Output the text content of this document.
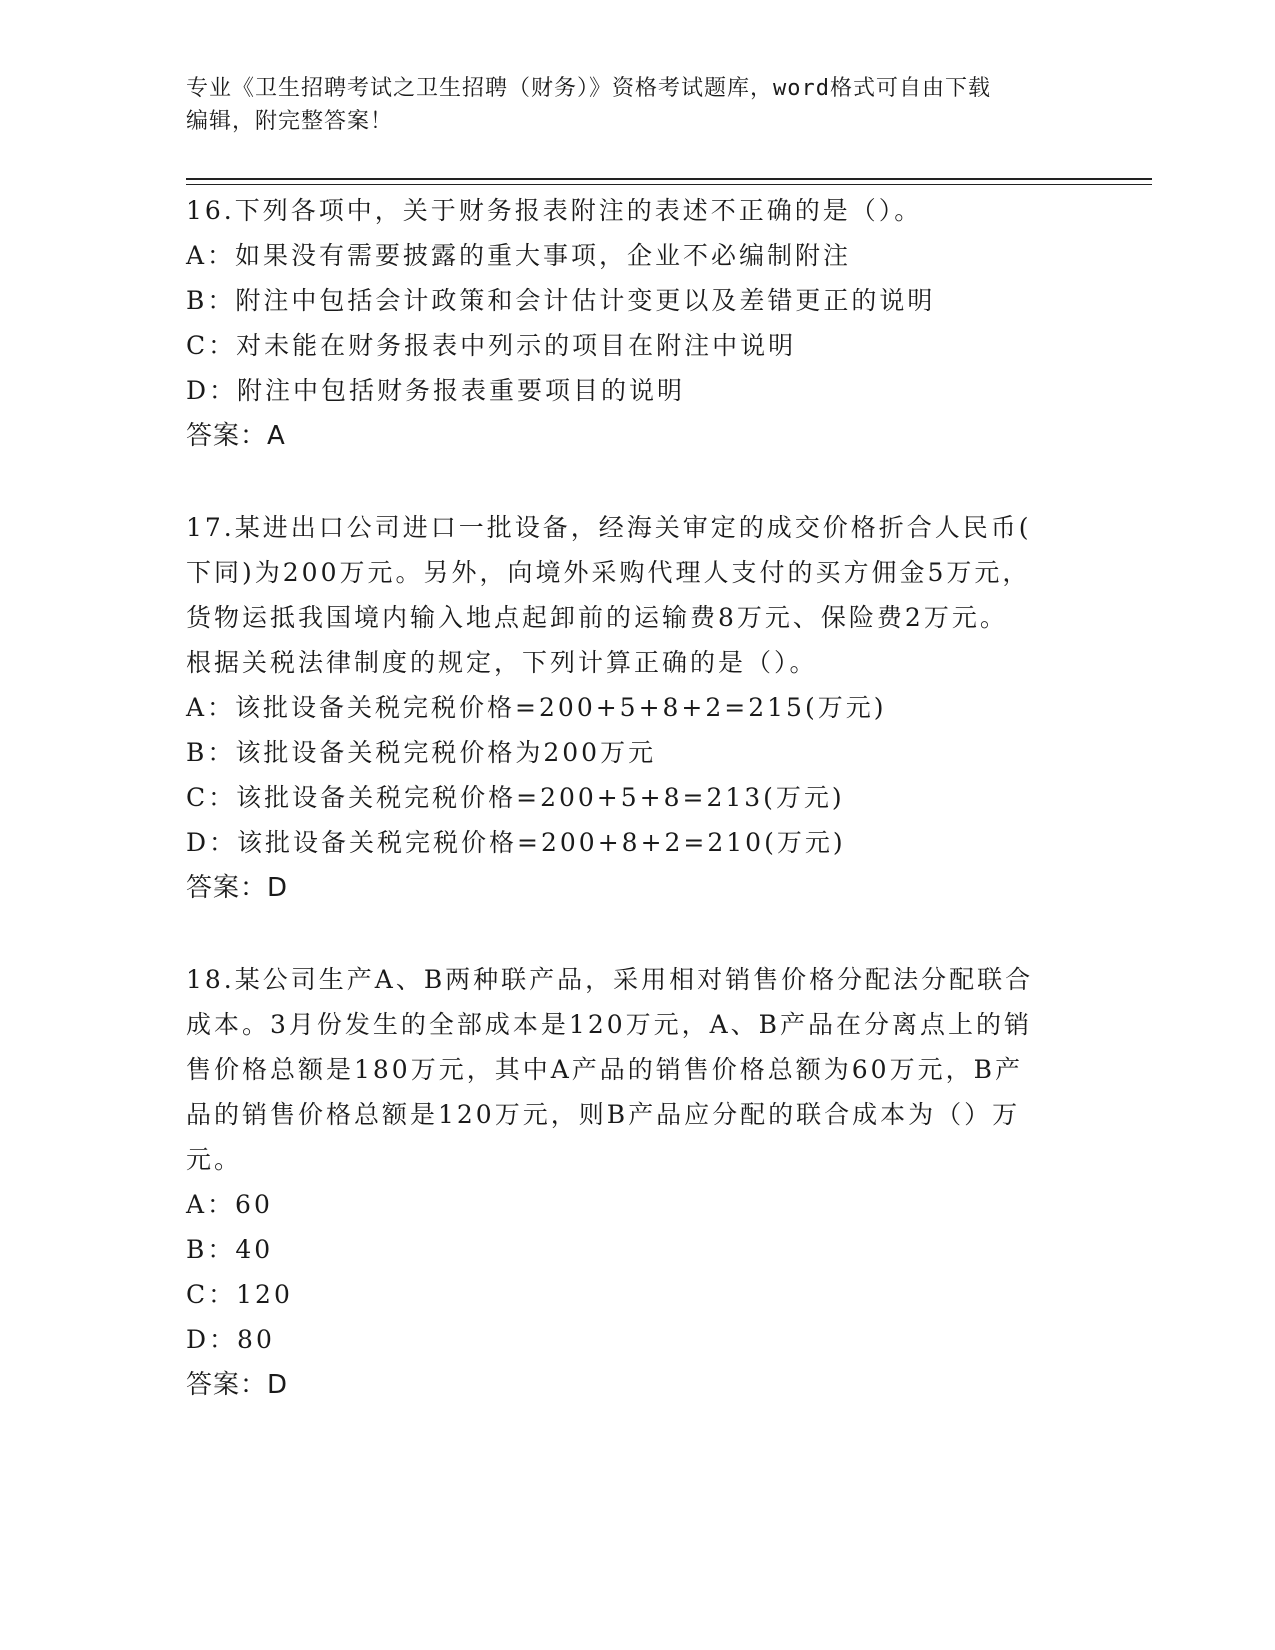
专业《卫生招聘考试之卫生招聘（财务）》资格考试题库，word格式可自由下载
编辑，附完整答案！

16.下列各项中，关于财务报表附注的表述不正确的是（）。

A：如果没有需要披露的重大事项，企业不必编制附注

B：附注中包括会计政策和会计估计变更以及差错更正的说明

C：对未能在财务报表中列示的项目在附注中说明

D：附注中包括财务报表重要项目的说明

答案：A

17.某进出口公司进口一批设备，经海关审定的成交价格折合人民币(

下同)为200万元。另外，向境外采购代理人支付的买方佣金5万元，

货物运抵我国境内输入地点起卸前的运输费8万元、保险费2万元。

根据关税法律制度的规定，下列计算正确的是（）。

A：该批设备关税完税价格=200+5+8+2=215(万元)

B：该批设备关税完税价格为200万元

C：该批设备关税完税价格=200+5+8=213(万元)

D：该批设备关税完税价格=200+8+2=210(万元)

答案：D

18.某公司生产A、B两种联产品，采用相对销售价格分配法分配联合

成本。3月份发生的全部成本是120万元，A、B产品在分离点上的销

售价格总额是180万元，其中A产品的销售价格总额为60万元，B产

品的销售价格总额是120万元，则B产品应分配的联合成本为（）万

元。

A：60

B：40

C：120

D：80

答案：D
